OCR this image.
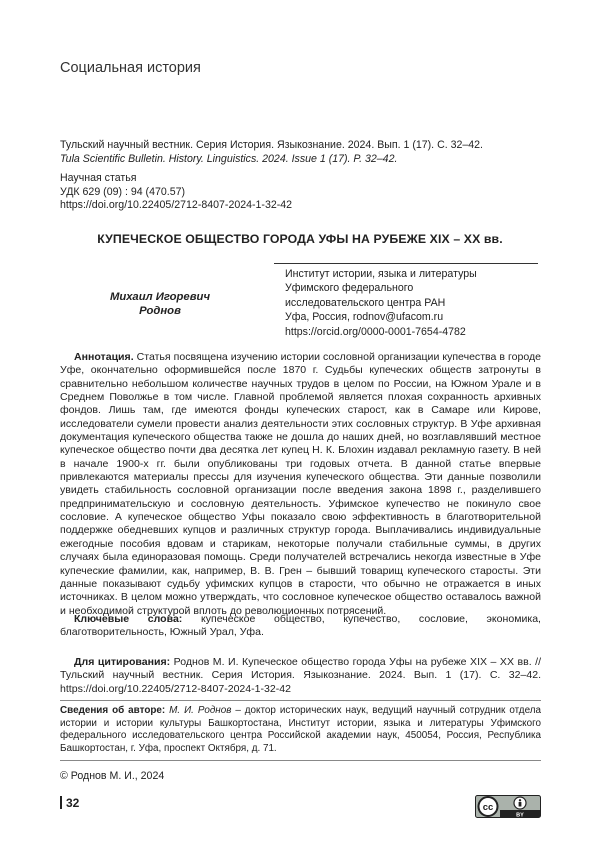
Социальная история
Тульский научный вестник. Серия История. Языкознание. 2024. Вып. 1 (17). С. 32–42.
Tula Scientific Bulletin. History. Linguistics. 2024. Issue 1 (17). P. 32–42.
Научная статья
УДК 629 (09) : 94 (470.57)
https://doi.org/10.22405/2712-8407-2024-1-32-42
КУПЕЧЕСКОЕ ОБЩЕСТВО ГОРОДА УФЫ НА РУБЕЖЕ XIX – XX вв.
Михаил Игоревич
Роднов
Институт истории, языка и литературы
Уфимского федерального
исследовательского центра РАН
Уфа, Россия, rodnov@ufacom.ru
https://orcid.org/0000-0001-7654-4782
Аннотация. Статья посвящена изучению истории сословной организации купечества в городе Уфе, окончательно оформившейся после 1870 г. Судьбы купеческих обществ затронуты в сравнительно небольшом количестве научных трудов в целом по России, на Южном Урале и в Среднем Поволжье в том числе. Главной проблемой является плохая сохранность архивных фондов. Лишь там, где имеются фонды купеческих старост, как в Самаре или Кирове, исследователи сумели провести анализ деятельности этих сословных структур. В Уфе архивная документация купеческого общества также не дошла до наших дней, но возглавлявший местное купеческое общество почти два десятка лет купец Н. К. Блохин издавал рекламную газету. В ней в начале 1900-х гг. были опубликованы три годовых отчета. В данной статье впервые привлекаются материалы прессы для изучения купеческого общества. Эти данные позволили увидеть стабильность сословной организации после введения закона 1898 г., разделившего предпринимательскую и сословную деятельность. Уфимское купечество не покинуло свое сословие. А купеческое общество Уфы показало свою эффективность в благотворительной поддержке обедневших купцов и различных структур города. Выплачивались индивидуальные ежегодные пособия вдовам и старикам, некоторые получали стабильные суммы, в других случаях была единоразовая помощь. Среди получателей встречались некогда известные в Уфе купеческие фамилии, как, например, В. В. Грен – бывший товарищ купеческого старосты. Эти данные показывают судьбу уфимских купцов в старости, что обычно не отражается в иных источниках. В целом можно утверждать, что сословное купеческое общество оставалось важной и необходимой структурой вплоть до революционных потрясений.
Ключевые слова: купеческое общество, купечество, сословие, экономика, благотворительность, Южный Урал, Уфа.
Для цитирования: Роднов М. И. Купеческое общество города Уфы на рубеже XIX – XX вв. // Тульский научный вестник. Серия История. Языкознание. 2024. Вып. 1 (17). С. 32–42. https://doi.org/10.22405/2712-8407-2024-1-32-42
Сведения об авторе: М. И. Роднов – доктор исторических наук, ведущий научный сотрудник отдела истории и истории культуры Башкортостана, Институт истории, языка и литературы Уфимского федерального исследовательского центра Российской академии наук, 450054, Россия, Республика Башкортостан, г. Уфа, проспект Октября, д. 71.
© Роднов М. И., 2024
32	cc
BY
